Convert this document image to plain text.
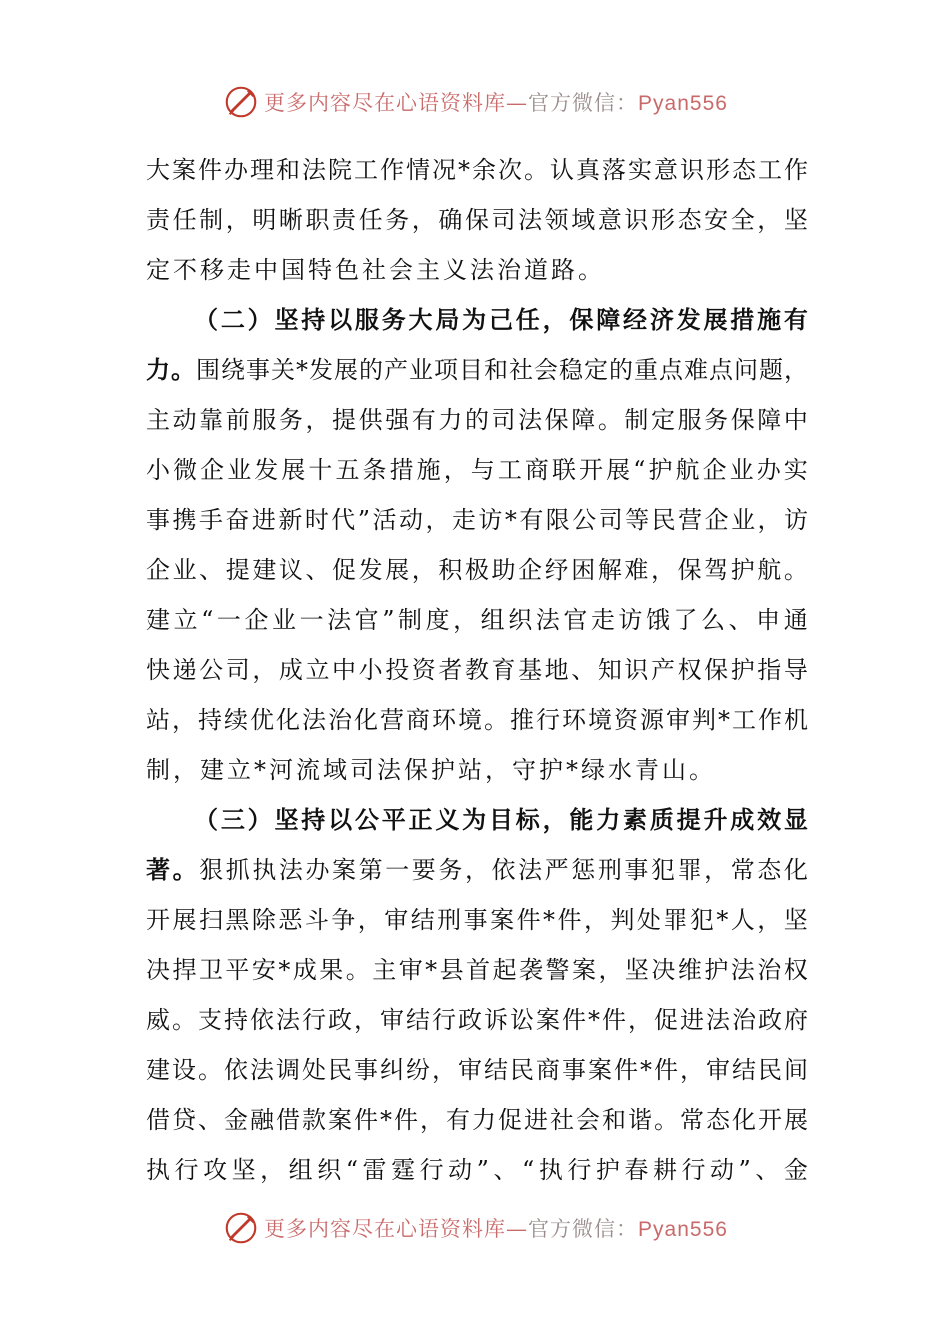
更多内容尽在心语资料库—官方微信：Pyan556
大 案 件 办 理 和 法 院 工 作 情 况 * 余 次 。 认 真 落 实 意 识 形 态 工 作
责 任 制 ， 明 晰 职 责 任 务 ， 确 保 司 法 领 域 意 识 形 态 安 全 ， 坚
定 不 移 走 中 国 特 色 社 会 主 义 法 治 道 路 。
（ 二 ） 坚 持 以 服 务 大 局 为 己 任 ， 保 障 经 济 发 展 措 施 有
力 。 围 绕 事 关 * 发 展 的 产 业 项 目 和 社 会 稳 定 的 重 点 难 点 问 题 ，
主 动 靠 前 服 务 ， 提 供 强 有 力 的 司 法 保 障 。 制 定 服 务 保 障 中
小 微 企 业 发 展 十 五 条 措 施 ， 与 工 商 联 开 展 “ 护 航 企 业 办 实
事 携 手 奋 进 新 时 代 ” 活 动 ， 走 访 * 有 限 公 司 等 民 营 企 业 ， 访
企 业 、 提 建 议 、 促 发 展 ， 积 极 助 企 纾 困 解 难 ， 保 驾 护 航 。
建 立 “ 一 企 业 一 法 官 ” 制 度 ， 组 织 法 官 走 访 饿 了 么 、 申 通
快 递 公 司 ， 成 立 中 小 投 资 者 教 育 基 地 、 知 识 产 权 保 护 指 导
站 ， 持 续 优 化 法 治 化 营 商 环 境 。 推 行 环 境 资 源 审 判 * 工 作 机
制 ， 建 立 * 河 流 域 司 法 保 护 站 ， 守 护 * 绿 水 青 山 。
（ 三 ） 坚 持 以 公 平 正 义 为 目 标 ， 能 力 素 质 提 升 成 效 显
著 。 狠 抓 执 法 办 案 第 一 要 务 ， 依 法 严 惩 刑 事 犯 罪 ， 常 态 化
开 展 扫 黑 除 恶 斗 争 ， 审 结 刑 事 案 件 * 件 ， 判 处 罪 犯 * 人 ， 坚
决 捍 卫 平 安 * 成 果 。 主 审 * 县 首 起 袭 警 案 ， 坚 决 维 护 法 治 权
威 。 支 持 依 法 行 政 ， 审 结 行 政 诉 讼 案 件 * 件 ， 促 进 法 治 政 府
建 设 。 依 法 调 处 民 事 纠 纷 ， 审 结 民 商 事 案 件 * 件 ， 审 结 民 间
借 贷 、 金 融 借 款 案 件 * 件 ， 有 力 促 进 社 会 和 谐 。 常 态 化 开 展
执 行 攻 坚 ， 组 织 “ 雷 霆 行 动 ” 、 “ 执 行 护 春 耕 行 动 ” 、 金
更多内容尽在心语资料库—官方微信：Pyan556
